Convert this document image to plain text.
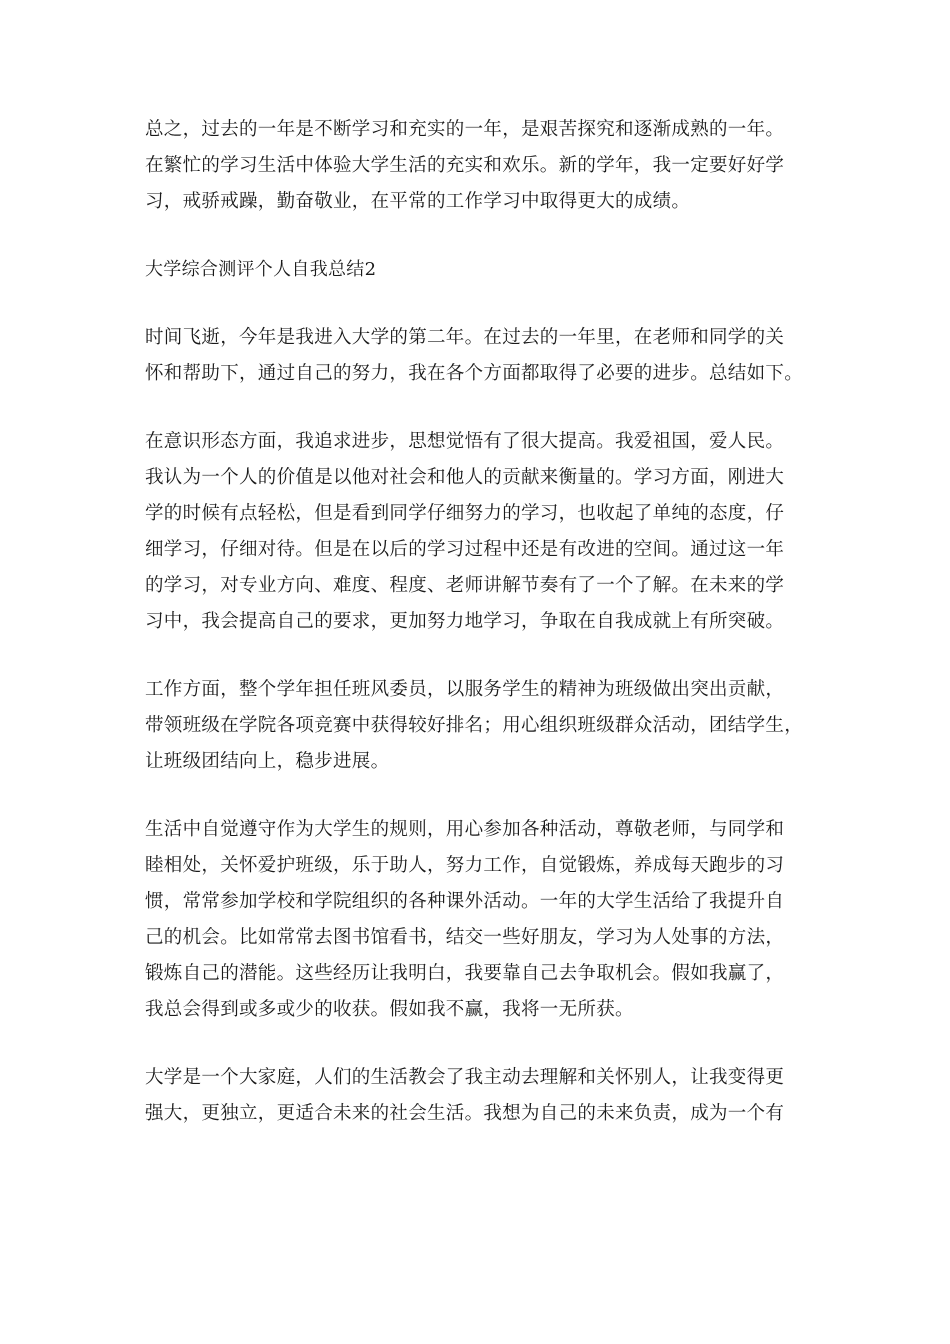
总之，过去的一年是不断学习和充实的一年，是艰苦探究和逐渐成熟的一年。
在繁忙的学习生活中体验大学生活的充实和欢乐。新的学年，我一定要好好学
习，戒骄戒躁，勤奋敬业，在平常的工作学习中取得更大的成绩。
大学综合测评个人自我总结2
时间飞逝，今年是我进入大学的第二年。在过去的一年里，在老师和同学的关
怀和帮助下，通过自己的努力，我在各个方面都取得了必要的进步。总结如下。
在意识形态方面，我追求进步，思想觉悟有了很大提高。我爱祖国，爱人民。
我认为一个人的价值是以他对社会和他人的贡献来衡量的。学习方面，刚进大
学的时候有点轻松，但是看到同学仔细努力的学习，也收起了单纯的态度，仔
细学习，仔细对待。但是在以后的学习过程中还是有改进的空间。通过这一年
的学习，对专业方向、难度、程度、老师讲解节奏有了一个了解。在未来的学
习中，我会提高自己的要求，更加努力地学习，争取在自我成就上有所突破。
工作方面，整个学年担任班风委员，以服务学生的精神为班级做出突出贡献，
带领班级在学院各项竞赛中获得较好排名；用心组织班级群众活动，团结学生，
让班级团结向上，稳步进展。
生活中自觉遵守作为大学生的规则，用心参加各种活动，尊敬老师，与同学和
睦相处，关怀爱护班级，乐于助人，努力工作，自觉锻炼，养成每天跑步的习
惯，常常参加学校和学院组织的各种课外活动。一年的大学生活给了我提升自
己的机会。比如常常去图书馆看书，结交一些好朋友，学习为人处事的方法，
锻炼自己的潜能。这些经历让我明白，我要靠自己去争取机会。假如我赢了，
我总会得到或多或少的收获。假如我不赢，我将一无所获。
大学是一个大家庭，人们的生活教会了我主动去理解和关怀别人，让我变得更
强大，更独立，更适合未来的社会生活。我想为自己的未来负责，成为一个有
